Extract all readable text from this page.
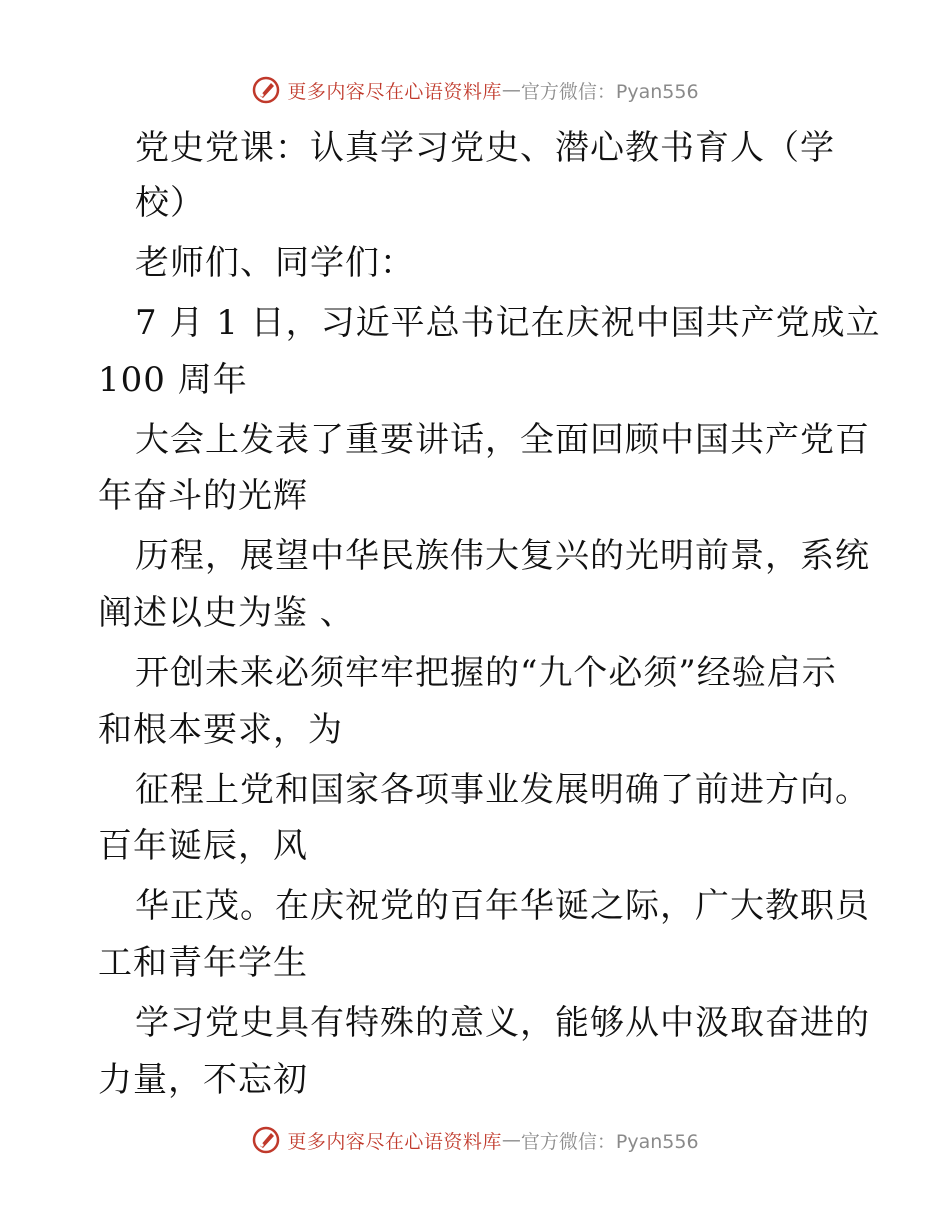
更多内容尽在心语资料库 — 官方微信：Pyan556
党史党课：认真学习党史、潜心教书育人（学
校）
老师们、同学们：
7 月 1 日，习近平总书记在庆祝中国共产党成立
100 周年
大会上发表了重要讲话，全面回顾中国共产党百
年奋斗的光辉
历程，展望中华民族伟大复兴的光明前景，系统
阐述以史为鉴 、
开创未来必须牢牢把握的“九个必须”经验启示
和根本要求，为
征程上党和国家各项事业发展明确了前进方向。
百年诞辰，风
华正茂。在庆祝党的百年华诞之际，广大教职员
工和青年学生
学习党史具有特殊的意义，能够从中汲取奋进的
力量，不忘初
更多内容尽在心语资料库 — 官方微信：Pyan556
